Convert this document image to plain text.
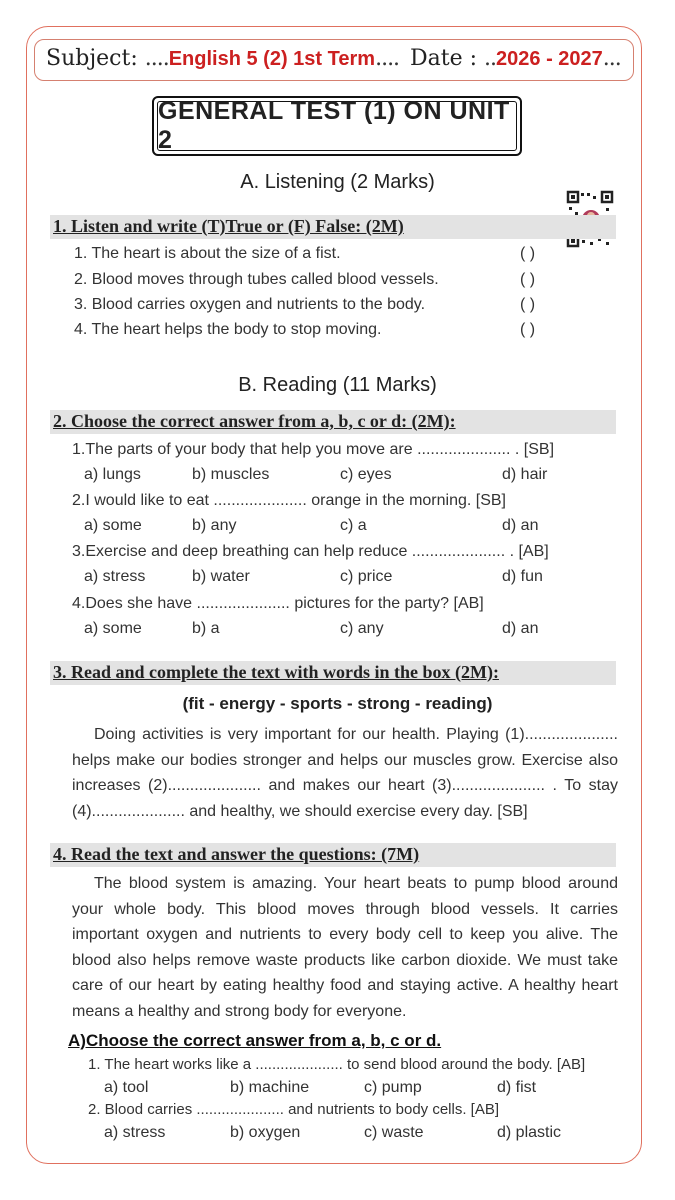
Subject: ....English 5 (2) 1st Term.... Date : ..2026 - 2027...
GENERAL TEST (1) ON UNIT 2
A. Listening (2 Marks)
1. Listen and write (T)True or (F) False: (2M)
1. The heart is about the size of a fist.	( )
2. Blood moves through tubes called blood vessels.	( )
3. Blood carries oxygen and nutrients to the body.	( )
4. The heart helps the body to stop moving.	( )
B. Reading (11 Marks)
2. Choose the correct answer from a, b, c or d: (2M):
1.The parts of your body that help you move are ..................... . [SB]
a) lungs	b) muscles	c) eyes	d) hair
2.I would like to eat ..................... orange in the morning. [SB]
a) some	b) any	c) a	d) an
3.Exercise and deep breathing can help reduce ..................... . [AB]
a) stress	b) water	c) price	d) fun
4.Does she have ..................... pictures for the party? [AB]
a) some	b) a	c) any	d) an
3. Read and complete the text with words in the box (2M):
(fit - energy - sports - strong - reading)
Doing activities is very important for our health. Playing (1)..................... helps make our bodies stronger and helps our muscles grow. Exercise also increases (2)..................... and makes our heart (3)..................... . To stay (4)..................... and healthy, we should exercise every day. [SB]
4. Read the text and answer the questions: (7M)
The blood system is amazing. Your heart beats to pump blood around your whole body. This blood moves through blood vessels. It carries important oxygen and nutrients to every body cell to keep you alive. The blood also helps remove waste products like carbon dioxide. We must take care of our heart by eating healthy food and staying active. A healthy heart means a healthy and strong body for everyone.
A)Choose the correct answer from a, b, c or d.
1. The heart works like a ..................... to send blood around the body. [AB]
a) tool	b) machine	c) pump	d) fist
2. Blood carries ..................... and nutrients to body cells. [AB]
a) stress	b) oxygen	c) waste	d) plastic
